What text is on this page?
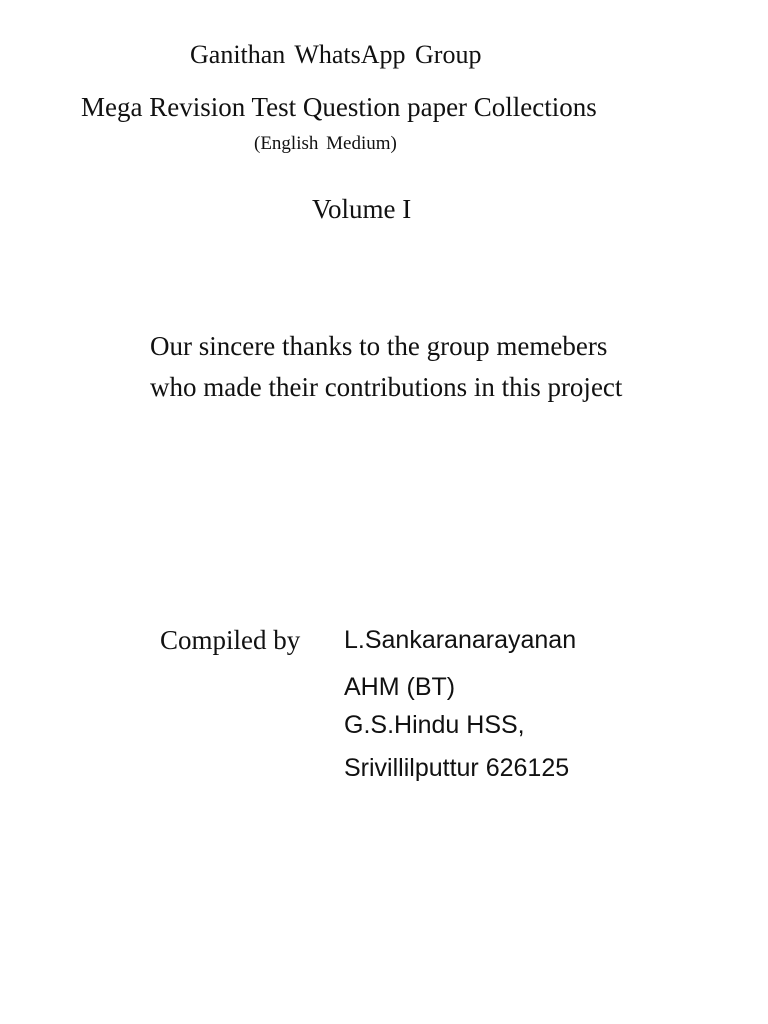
Ganithan WhatsApp Group
Mega Revision Test Question paper Collections
(English Medium)
Volume I
Our sincere thanks to the group memebers
who made their contributions in this project
Compiled by L.Sankaranarayanan
AHM (BT)
G.S.Hindu HSS,
Srivillilputtur 626125
